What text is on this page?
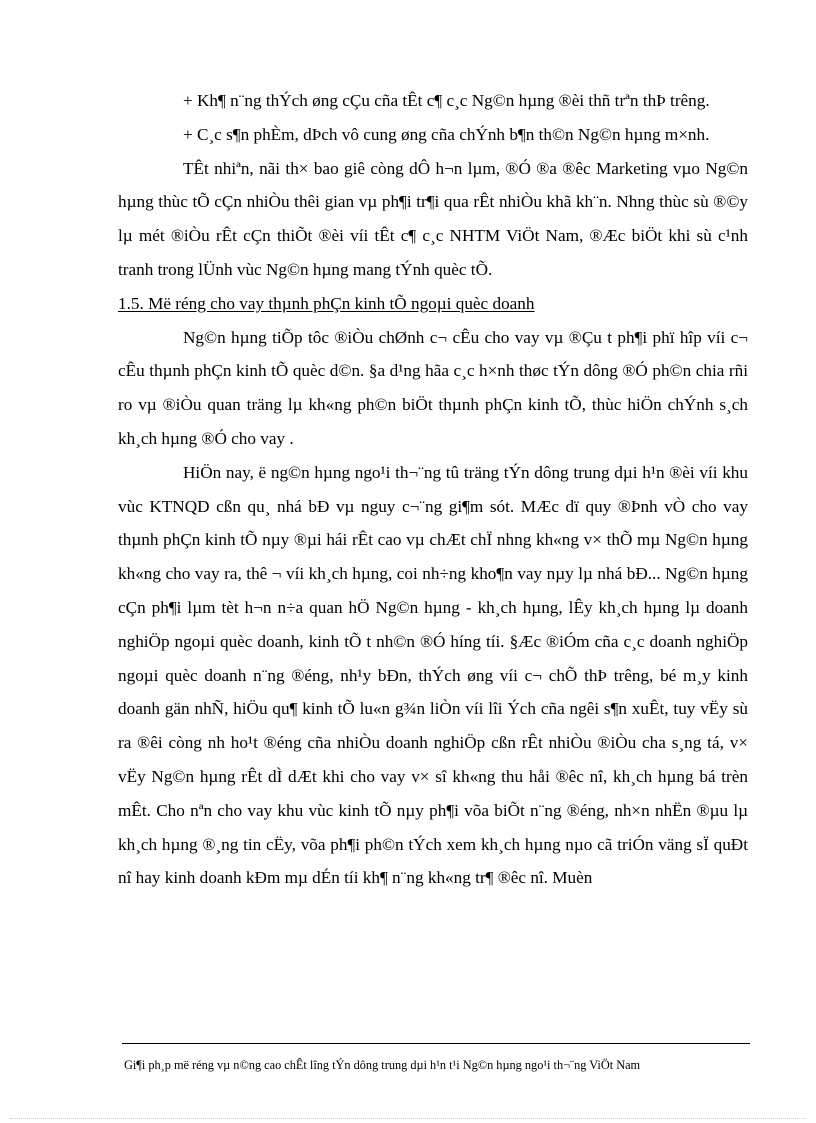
+ Kh¶ n¨ng thÝch øng cÇu cña tÊt c¶ c¸c Ng©n hµng ®èi thñ trªn thÞ trêng.

+ C¸c s¶n phÈm, dÞch vô cung øng cña chÝnh b¶n th©n Ng©n hµng m×nh.

TÊt nhiªn, nãi th× bao giê còng dÔ h¬n lµm, ®Ó ®a ®êc Marketing vµo Ng©n hµng thùc tÕ cÇn nhiÒu thêi gian vµ ph¶i tr¶i qua rÊt nhiÒu khã kh¨n. Nhng thùc sù ®©y lµ mét ®iÒu rÊt cÇn thiÕt ®èi víi tÊt c¶ c¸c NHTM ViÖt Nam, ®Æc biÖt khi sù c¹nh tranh trong lÜnh vùc Ng©n hµng mang tÝnh quèc tÕ.

1.5. Më réng cho vay thµnh phÇn kinh tÕ ngoµi quèc doanh

Ng©n hµng tiÕp tôc ®iÒu chØnh c¬ cÊu cho vay vµ ®Çu t ph¶i phï hîp víi c¬ cÊu thµnh phÇn kinh tÕ quèc d©n. §a d¹ng hãa c¸c h×nh thøc tÝn dông ®Ó ph©n chia rñi ro vµ ®iÒu quan träng lµ kh«ng ph©n biÖt thµnh phÇn kinh tÕ, thùc hiÖn chÝnh s¸ch kh¸ch hµng ®Ó cho vay .

HiÖn nay, ë ng©n hµng ngo¹i th¬¨ng tû träng tÝn dông trung dµi h¹n ®èi víi khu vùc KTNQD cßn qu¸ nhá bÐ vµ nguy c¬¨ng gi¶m sót. MÆc dï quy ®Þnh vÒ cho vay thµnh phÇn kinh tÕ nµy ®µi hái rÊt cao vµ chÆt chÏ nhng kh«ng v× thÕ mµ Ng©n hµng kh«ng cho vay ra, thê ¬ víi kh¸ch hµng, coi nh÷ng kho¶n vay nµy lµ nhá bÐ... Ng©n hµng cÇn ph¶i lµm tèt h¬n n÷a quan hÖ Ng©n hµng - kh¸ch hµng, lÊy kh¸ch hµng lµ doanh nghiÖp ngoµi quèc doanh, kinh tÕ t nh©n ®Ó híng tíi. §Æc ®iÓm cña c¸c doanh nghiÖp ngoµi quèc doanh n¨ng ®éng, nh¹y bÐn, thÝch øng víi c¬ chÕ thÞ trêng, bé m¸y kinh doanh gän nhÑ, hiÖu qu¶ kinh tÕ lu«n g¾n liÒn víi lîi Ých cña ngêi s¶n xuÊt, tuy vËy sù ra ®êi còng nh ho¹t ®éng cña nhiÒu doanh nghiÖp cßn rÊt nhiÒu ®iÒu cha s¸ng tá, v× vËy Ng©n hµng rÊt dÌ dÆt khi cho vay v× sî kh«ng thu håi ®êc nî, kh¸ch hµng bá trèn mÊt. Cho nªn cho vay khu vùc kinh tÕ nµy ph¶i võa biÕt n¨ng ®éng, nh×n nhËn ®µu lµ kh¸ch hµng ®¸ng tin cËy, võa ph¶i ph©n tÝch xem kh¸ch hµng nµo cã triÓn väng sÏ quÐt nî hay kinh doanh kÐm mµ dÉn tíi kh¶ n¨ng kh«ng tr¶ ®êc nî. Muèn

Gi¶i ph¸p më réng vµ n©ng cao chÊt lîng tÝn dông trung dµi h¹n t¹i Ng©n hµng ngo¹i th¬¨ng ViÖt Nam
